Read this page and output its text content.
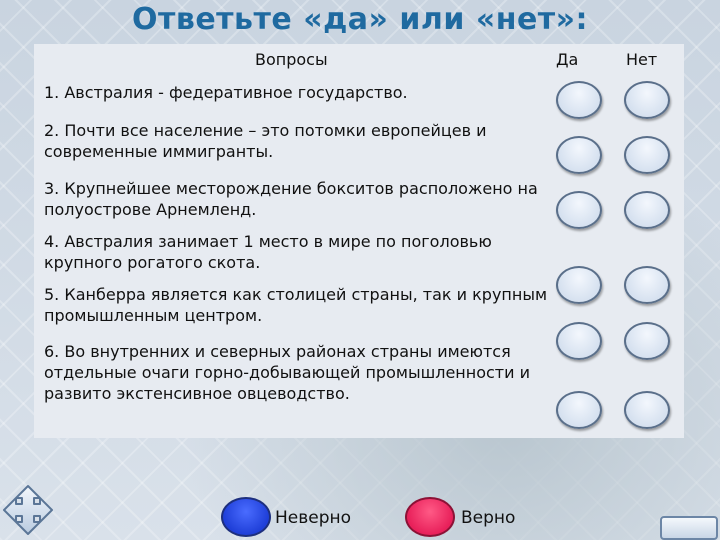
Ответьте «да» или «нет»:
Вопросы	Да	Нет
1. Австралия - федеративное государство.
2. Почти все население – это потомки европейцев и современные иммигранты.
3. Крупнейшее месторождение бокситов расположено на полуострове Арнемленд.
4. Австралия занимает 1 место в мире по поголовью крупного рогатого скота.
5. Канберра является как столицей страны, так и крупным промышленным центром.
6. Во внутренних и северных районах страны имеются отдельные очаги горно-добывающей промышленности и развито экстенсивное овцеводство.
Неверно	Верно
